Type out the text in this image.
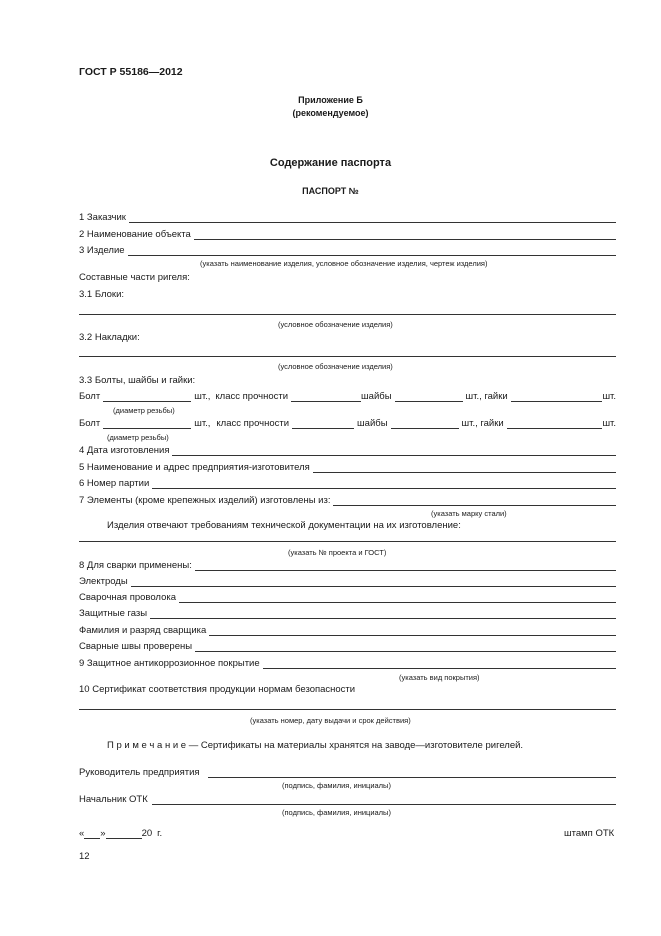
ГОСТ Р 55186—2012
Приложение Б
(рекомендуемое)
Содержание паспорта
ПАСПОРТ №
1 Заказчик
2 Наименование объекта
3 Изделие
(указать наименование изделия, условное обозначение изделия, чертеж изделия)
Составные части ригеля:
3.1 Блоки:
(условное обозначение изделия)
3.2 Накладки:
(условное обозначение изделия)
3.3 Болты, шайбы и гайки:
Болт	шт., класс прочности	шайбы	шт., гайки	шт.
(диаметр резьбы)
Болт	шт., класс прочности	шайбы	шт., гайки	шт.
(диаметр резьбы)
4 Дата изготовления
5 Наименование и адрес предприятия-изготовителя
6 Номер партии
7 Элементы (кроме крепежных изделий) изготовлены из:
(указать марку стали)
Изделия отвечают требованиям технической документации на их изготовление:
(указать № проекта и ГОСТ)
8 Для сварки применены:
Электроды
Сварочная проволока
Защитные газы
Фамилия и разряд сварщика
Сварные швы проверены
9 Защитное антикоррозионное покрытие
(указать вид покрытия)
10 Сертификат соответствия продукции нормам безопасности
(указать номер, дату выдачи и срок действия)
П р и м е ч а н и е — Сертификаты на материалы хранятся на заводе—изготовителе ригелей.
Руководитель предприятия
(подпись, фамилия, инициалы)
Начальник ОТК
(подпись, фамилия, инициалы)
« »	20 г.	штамп ОТК
12
